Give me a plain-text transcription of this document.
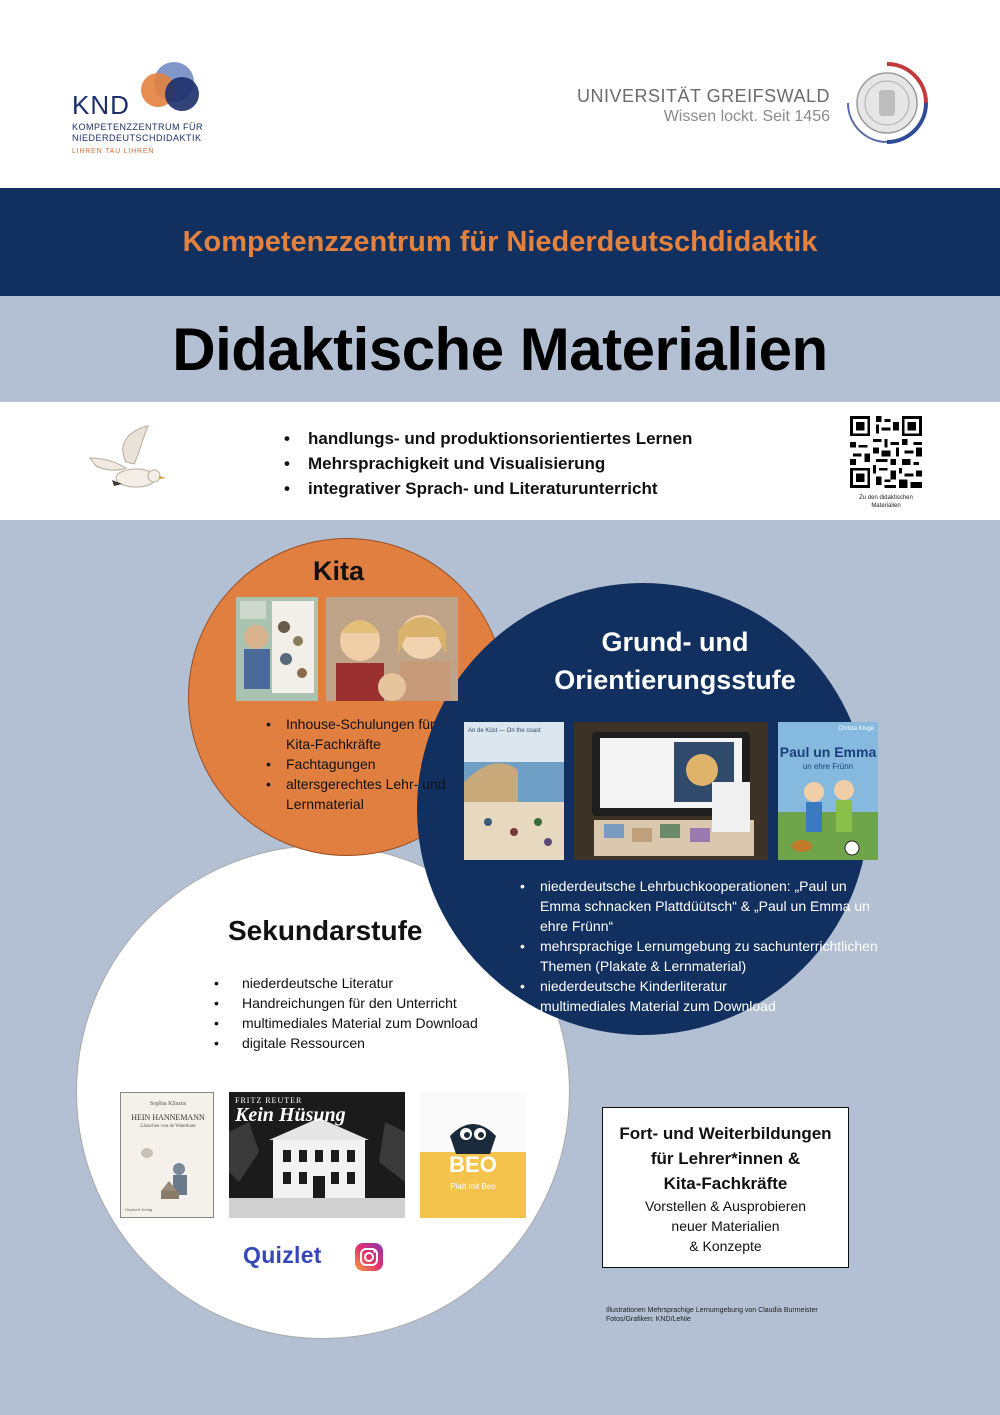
KND
KOMPETENZZENTRUM FÜR
NIEDERDEUTSCHDIDAKTIK
LIHREN TAU LIHREN
UNIVERSITÄT GREIFSWALD
Wissen lockt. Seit 1456
Kompetenzzentrum für Niederdeutschdidaktik
Didaktische Materialien
• handlungs- und produktionsorientiertes Lernen
• Mehrsprachigkeit und Visualisierung
• integrativer Sprach- und Literaturunterricht	Zu den didaktischen
Materialien
Kita
• Inhouse-Schulungen für Kita-Fachkräfte
• Fachtagungen
• altersgerechtes Lehr- und Lernmaterial
Grund- und
Orientierungsstufe
An de Küst — On the coast	Christa Kluge
Paul un Emma
un ehre Frünn
• niederdeutsche Lehrbuchkooperationen: „Paul un Emma schnacken Plattdüütsch“ & „Paul un Emma un ehre Frünn“
• mehrsprachige Lernumgebung zu sachunterrichtlichen Themen (Plakate & Lernmaterial)
• niederdeutsche Kinderliteratur
• multimediales Material zum Download
Sekundarstufe
• niederdeutsche Literatur
• Handreichungen für den Unterricht
• multimediales Material zum Download
• digitale Ressourcen
Sophia Kliszus
HEIN HANNEMANN
Läuschen von de Waterkant
Hinstorff Verlag
FRITZ REUTER
Kein Hüsung
BEO
Platt mit Beo
Quizlet
Fort- und Weiterbildungen
für Lehrer*innen &
Kita-Fachkräfte
Vorstellen & Ausprobieren
neuer Materialien
& Konzepte
Illustrationen Mehrsprachige Lernumgebung von Claudia Burmeister
Fotos/Grafiken: KND/LeNie
